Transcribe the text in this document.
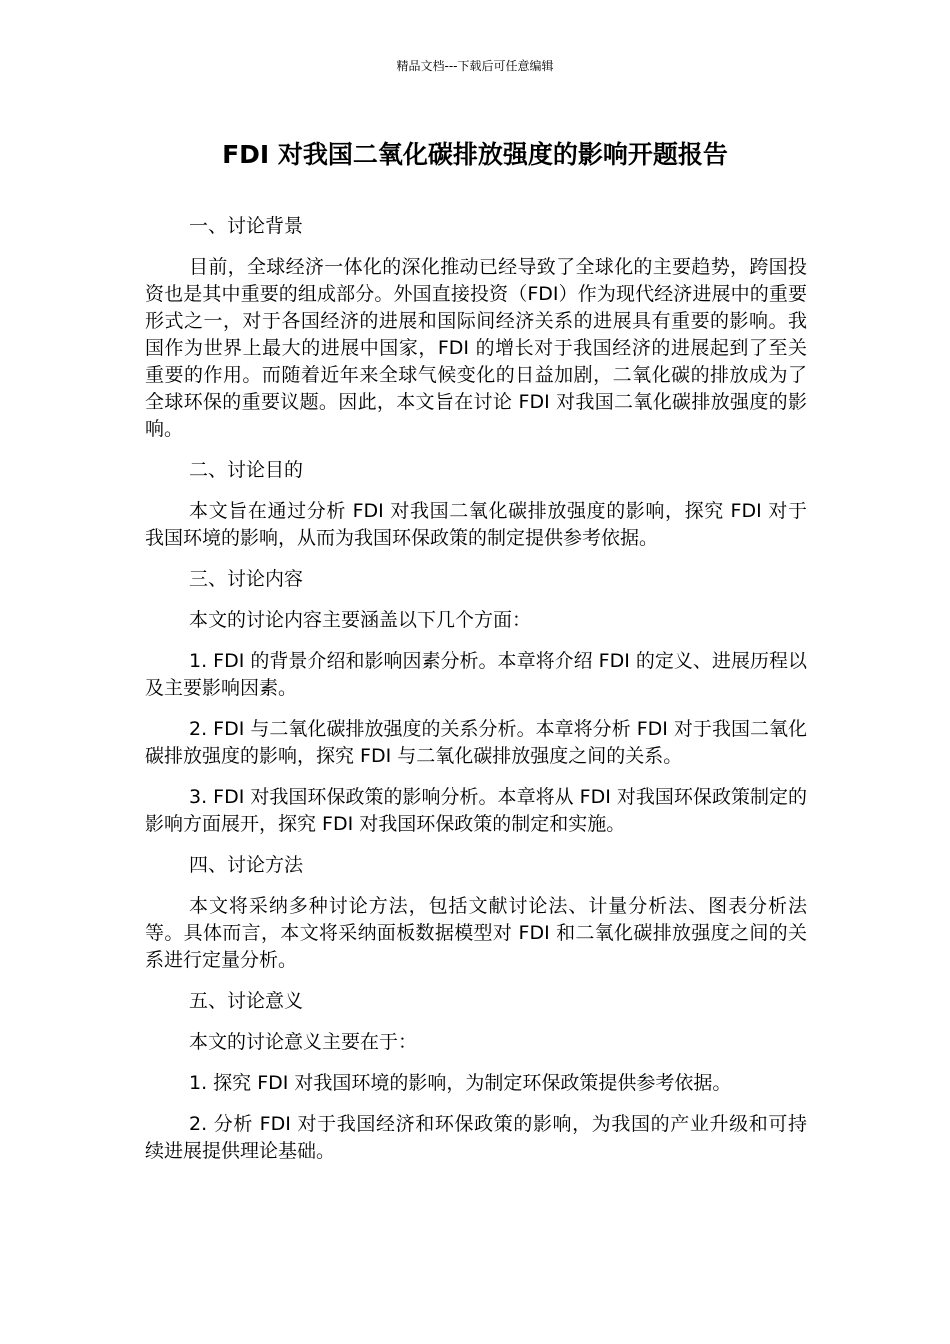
精品文档---下载后可任意编辑
FDI 对我国二氧化碳排放强度的影响开题报告

一、讨论背景

目前，全球经济一体化的深化推动已经导致了全球化的主要趋势，跨国投资也是其中重要的组成部分。外国直接投资（FDI）作为现代经济进展中的重要形式之一，对于各国经济的进展和国际间经济关系的进展具有重要的影响。我国作为世界上最大的进展中国家，FDI 的增长对于我国经济的进展起到了至关重要的作用。而随着近年来全球气候变化的日益加剧，二氧化碳的排放成为了全球环保的重要议题。因此，本文旨在讨论 FDI 对我国二氧化碳排放强度的影响。

二、讨论目的

本文旨在通过分析 FDI 对我国二氧化碳排放强度的影响，探究 FDI 对于我国环境的影响，从而为我国环保政策的制定提供参考依据。

三、讨论内容

本文的讨论内容主要涵盖以下几个方面：

1. FDI 的背景介绍和影响因素分析。本章将介绍 FDI 的定义、进展历程以及主要影响因素。

2. FDI 与二氧化碳排放强度的关系分析。本章将分析 FDI 对于我国二氧化碳排放强度的影响，探究 FDI 与二氧化碳排放强度之间的关系。

3. FDI 对我国环保政策的影响分析。本章将从 FDI 对我国环保政策制定的影响方面展开，探究 FDI 对我国环保政策的制定和实施。

四、讨论方法

本文将采纳多种讨论方法，包括文献讨论法、计量分析法、图表分析法等。具体而言，本文将采纳面板数据模型对 FDI 和二氧化碳排放强度之间的关系进行定量分析。

五、讨论意义

本文的讨论意义主要在于：

1. 探究 FDI 对我国环境的影响，为制定环保政策提供参考依据。

2. 分析 FDI 对于我国经济和环保政策的影响，为我国的产业升级和可持续进展提供理论基础。
